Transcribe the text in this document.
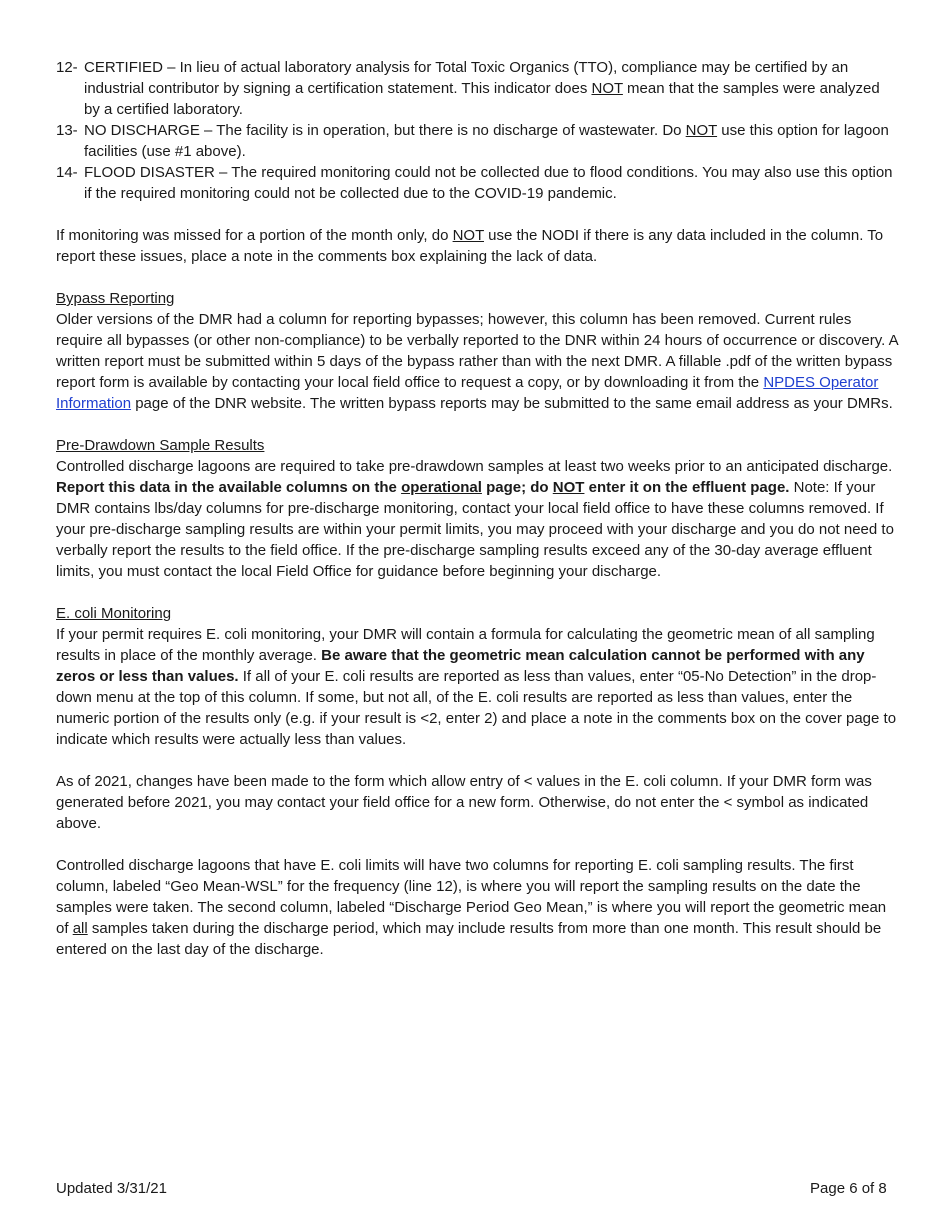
12- CERTIFIED – In lieu of actual laboratory analysis for Total Toxic Organics (TTO), compliance may be certified by an industrial contributor by signing a certification statement. This indicator does NOT mean that the samples were analyzed by a certified laboratory.
13- NO DISCHARGE – The facility is in operation, but there is no discharge of wastewater. Do NOT use this option for lagoon facilities (use #1 above).
14- FLOOD DISASTER – The required monitoring could not be collected due to flood conditions. You may also use this option if the required monitoring could not be collected due to the COVID-19 pandemic.

If monitoring was missed for a portion of the month only, do NOT use the NODI if there is any data included in the column. To report these issues, place a note in the comments box explaining the lack of data.

Bypass Reporting

Older versions of the DMR had a column for reporting bypasses; however, this column has been removed. Current rules require all bypasses (or other non-compliance) to be verbally reported to the DNR within 24 hours of occurrence or discovery. A written report must be submitted within 5 days of the bypass rather than with the next DMR. A fillable .pdf of the written bypass report form is available by contacting your local field office to request a copy, or by downloading it from the NPDES Operator Information page of the DNR website. The written bypass reports may be submitted to the same email address as your DMRs.

Pre-Drawdown Sample Results

Controlled discharge lagoons are required to take pre-drawdown samples at least two weeks prior to an anticipated discharge. Report this data in the available columns on the operational page; do NOT enter it on the effluent page. Note: If your DMR contains lbs/day columns for pre-discharge monitoring, contact your local field office to have these columns removed. If your pre-discharge sampling results are within your permit limits, you may proceed with your discharge and you do not need to verbally report the results to the field office. If the pre-discharge sampling results exceed any of the 30-day average effluent limits, you must contact the local Field Office for guidance before beginning your discharge.

E. coli Monitoring

If your permit requires E. coli monitoring, your DMR will contain a formula for calculating the geometric mean of all sampling results in place of the monthly average. Be aware that the geometric mean calculation cannot be performed with any zeros or less than values. If all of your E. coli results are reported as less than values, enter “05-No Detection” in the drop-down menu at the top of this column. If some, but not all, of the E. coli results are reported as less than values, enter the numeric portion of the results only (e.g. if your result is <2, enter 2) and place a note in the comments box on the cover page to indicate which results were actually less than values.

As of 2021, changes have been made to the form which allow entry of < values in the E. coli column. If your DMR form was generated before 2021, you may contact your field office for a new form. Otherwise, do not enter the < symbol as indicated above.

Controlled discharge lagoons that have E. coli limits will have two columns for reporting E. coli sampling results. The first column, labeled “Geo Mean-WSL” for the frequency (line 12), is where you will report the sampling results on the date the samples were taken. The second column, labeled “Discharge Period Geo Mean,” is where you will report the geometric mean of all samples taken during the discharge period, which may include results from more than one month. This result should be entered on the last day of the discharge.

Updated 3/31/21	Page 6 of 8
